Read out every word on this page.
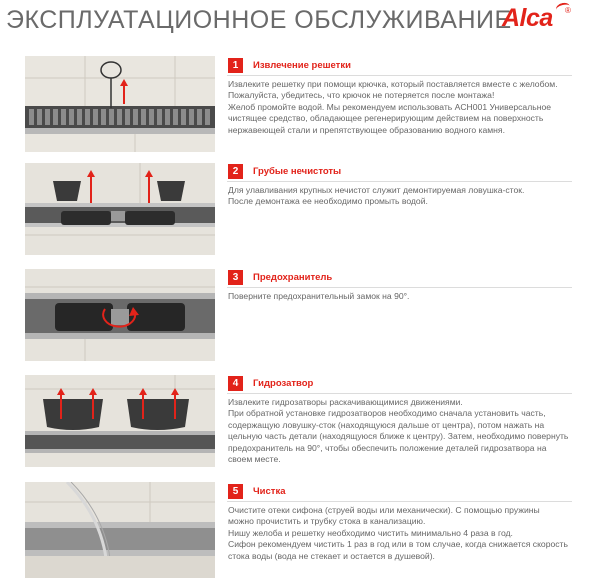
ЭКСПЛУАТАЦИОННОЕ ОБСЛУЖИВАНИЕ
Alca ®
1	Извлечение решетки
Извлеките решетку при помощи крючка, который поставляется вместе с желобом.
Пожалуйста, убедитесь, что крючок не потеряется после монтажа!
Желоб промойте водой. Мы рекомендуем использовать ACH001 Универсальное
чистящее средство, обладающее регенерирующим действием на поверхность
нержавеющей стали и препятствующее образованию водного камня.
2	Грубые нечистоты
Для улавливания крупных нечистот служит демонтируемая ловушка-сток.
После демонтажа ее необходимо промыть водой.
3	Предохранитель
Поверните предохранительный замок на 90°.
4	Гидрозатвор
Извлеките гидрозатворы раскачивающимися движениями.
При обратной установке гидрозатворов необходимо сначала установить часть,
содержащую ловушку-сток (находящуюся дальше от центра), потом нажать на
цельную часть детали (находящуюся ближе к центру). Затем, необходимо повернуть
предохранитель на 90°, чтобы обеспечить положение деталей гидрозатвора на
своем месте.
5	Чистка
Очистите отеки сифона (струей воды или механически). С помощью пружины
можно прочистить и трубку стока в канализацию.
Нишу желоба и решетку необходимо чистить минимально 4 раза в год.
Сифон рекомендуем чистить 1 раз в год или в том случае, когда снижается скорость
стока воды (вода не стекает и остается в душевой).
